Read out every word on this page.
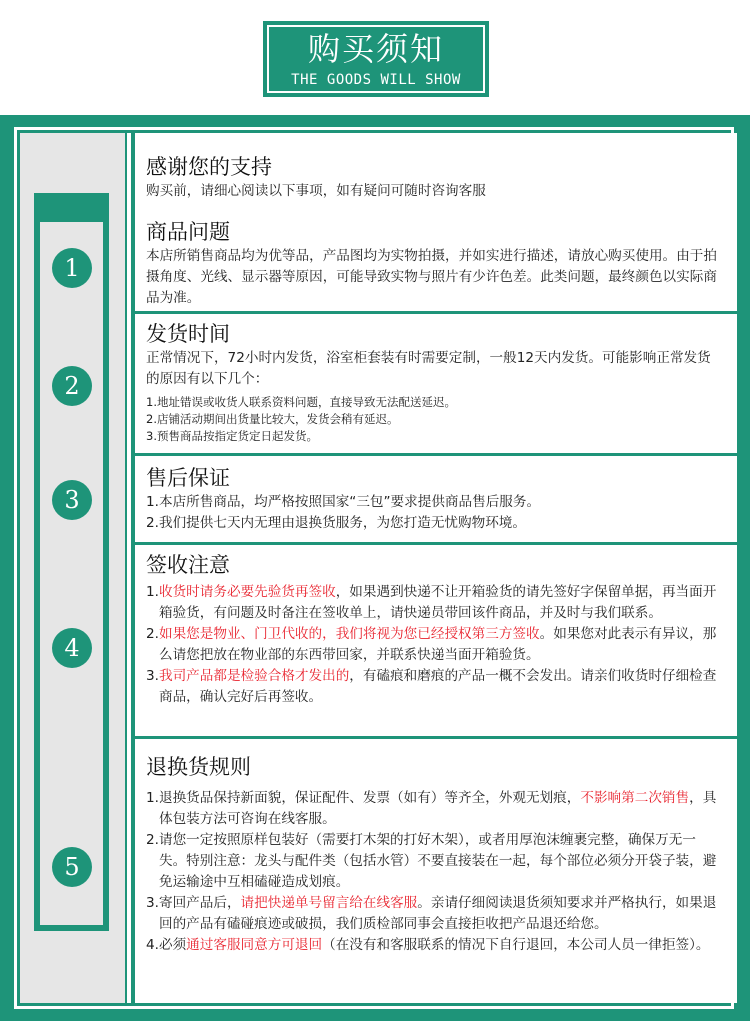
购买须知
THE GOODS WILL SHOW
1
2
3
4
5
感谢您的支持
购买前，请细心阅读以下事项，如有疑问可随时咨询客服
商品问题
本店所销售商品均为优等品，产品图均为实物拍摄，并如实进行描述，请放心购买使用。由于拍摄角度、光线、显示器等原因，可能导致实物与照片有少许色差。此类问题，最终颜色以实际商品为准。
发货时间
正常情况下，72小时内发货，浴室柜套装有时需要定制，一般12天内发货。可能影响正常发货的原因有以下几个：
1.地址错误或收货人联系资料问题，直接导致无法配送延迟。
2.店铺活动期间出货量比较大，发货会稍有延迟。
3.预售商品按指定货定日起发货。
售后保证
1.本店所售商品，均严格按照国家“三包”要求提供商品售后服务。
2.我们提供七天内无理由退换货服务，为您打造无忧购物环境。
签收注意
1.收货时请务必要先验货再签收，如果遇到快递不让开箱验货的请先签好字保留单据，再当面开箱验货，有问题及时备注在签收单上，请快递员带回该件商品，并及时与我们联系。
2.如果您是物业、门卫代收的，我们将视为您已经授权第三方签收。如果您对此表示有异议，那么请您把放在物业部的东西带回家，并联系快递当面开箱验货。
3.我司产品都是检验合格才发出的，有磕痕和磨痕的产品一概不会发出。请亲们收货时仔细检查商品，确认完好后再签收。
退换货规则
1.退换货品保持新面貌，保证配件、发票（如有）等齐全，外观无划痕，不影响第二次销售，具体包装方法可咨询在线客服。
2.请您一定按照原样包装好（需要打木架的打好木架），或者用厚泡沫缠裹完整，确保万无一失。特别注意：龙头与配件类（包括水管）不要直接装在一起，每个部位必须分开袋子装，避免运输途中互相磕碰造成划痕。
3.寄回产品后，请把快递单号留言给在线客服。亲请仔细阅读退货须知要求并严格执行，如果退回的产品有磕碰痕迹或破损，我们质检部同事会直接拒收把产品退还给您。
4.必须通过客服同意方可退回（在没有和客服联系的情况下自行退回，本公司人员一律拒签）。
